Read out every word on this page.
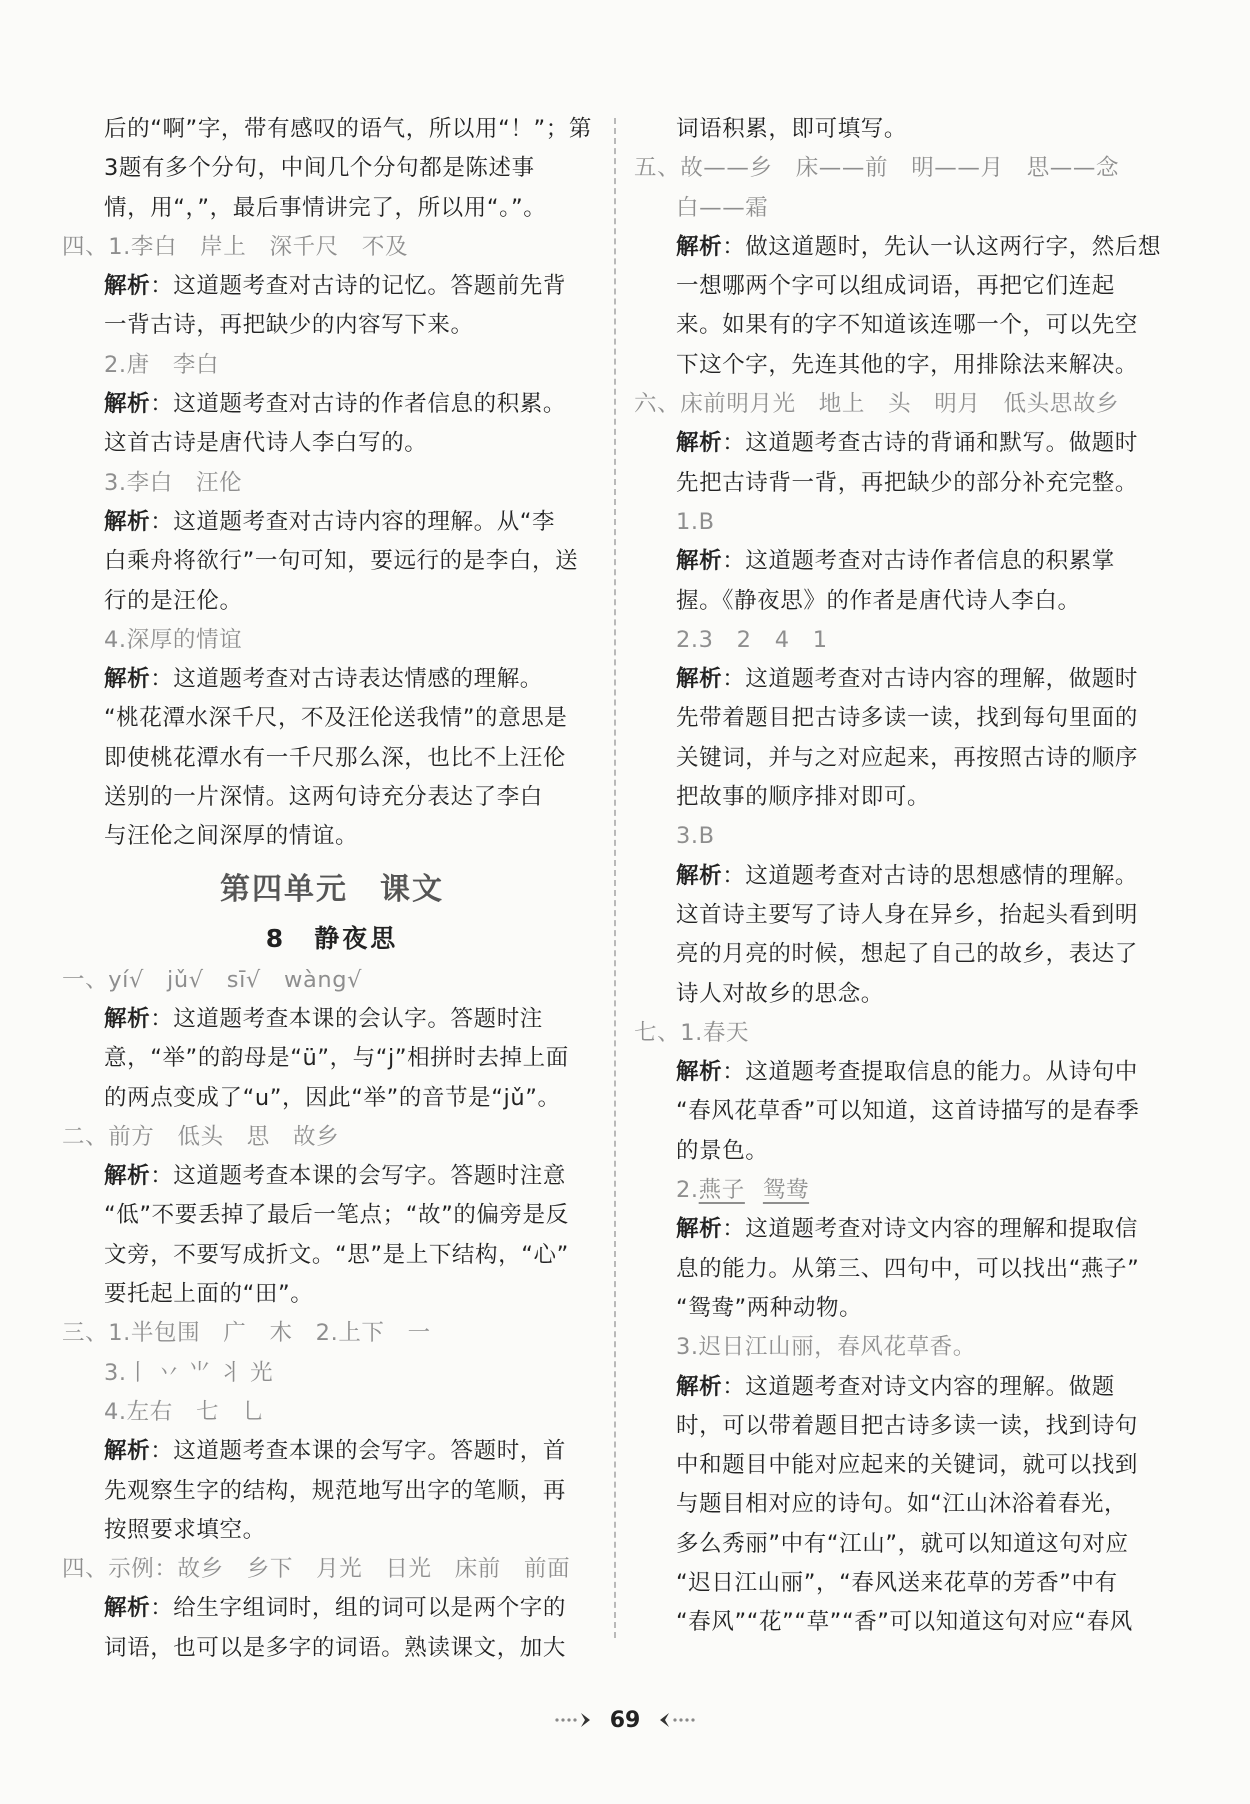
后的“啊”字，带有感叹的语气，所以用“！”；第
3题有多个分句，中间几个分句都是陈述事
情，用“，”，最后事情讲完了，所以用“。”。
四、1.李白　岸上　深千尺　不及
解析：这道题考查对古诗的记忆。答题前先背
一背古诗，再把缺少的内容写下来。
2.唐　李白
解析：这道题考查对古诗的作者信息的积累。
这首古诗是唐代诗人李白写的。
3.李白　汪伦
解析：这道题考查对古诗内容的理解。从“李
白乘舟将欲行”一句可知，要远行的是李白，送
行的是汪伦。
4.深厚的情谊
解析：这道题考查对古诗表达情感的理解。
“桃花潭水深千尺，不及汪伦送我情”的意思是
即使桃花潭水有一千尺那么深，也比不上汪伦
送别的一片深情。这两句诗充分表达了李白
与汪伦之间深厚的情谊。
第四单元　课文
8　静夜思
一、yí√　jǔ√　sī√　wàng√
解析：这道题考查本课的会认字。答题时注
意，“举”的韵母是“ü”，与“j”相拼时去掉上面
的两点变成了“u”，因此“举”的音节是“jǔ”。
二、前方　低头　思　故乡
解析：这道题考查本课的会写字。答题时注意
“低”不要丢掉了最后一笔点；“故”的偏旁是反
文旁，不要写成折文。“思”是上下结构，“心”
要托起上面的“田”。
三、1.半包围　广　木　2.上下　一
3.丨 丷 ⺌ 丬 光
4.左右　七　乚
解析：这道题考查本课的会写字。答题时，首
先观察生字的结构，规范地写出字的笔顺，再
按照要求填空。
四、示例：故乡　乡下　月光　日光　床前　前面
解析：给生字组词时，组的词可以是两个字的
词语，也可以是多字的词语。熟读课文，加大
词语积累，即可填写。
五、故——乡　床——前　明——月　思——念
白——霜
解析：做这道题时，先认一认这两行字，然后想
一想哪两个字可以组成词语，再把它们连起
来。如果有的字不知道该连哪一个，可以先空
下这个字，先连其他的字，用排除法来解决。
六、床前明月光　地上　头　明月　低头思故乡
解析：这道题考查古诗的背诵和默写。做题时
先把古诗背一背，再把缺少的部分补充完整。
1.B
解析：这道题考查对古诗作者信息的积累掌
握。《静夜思》的作者是唐代诗人李白。
2.3　2　4　1
解析：这道题考查对古诗内容的理解，做题时
先带着题目把古诗多读一读，找到每句里面的
关键词，并与之对应起来，再按照古诗的顺序
把故事的顺序排对即可。
3.B
解析：这道题考查对古诗的思想感情的理解。
这首诗主要写了诗人身在异乡，抬起头看到明
亮的月亮的时候，想起了自己的故乡，表达了
诗人对故乡的思念。
七、1.春天
解析：这道题考查提取信息的能力。从诗句中
“春风花草香”可以知道，这首诗描写的是春季
的景色。
2.燕子 鸳鸯
解析：这道题考查对诗文内容的理解和提取信
息的能力。从第三、四句中，可以找出“燕子”
“鸳鸯”两种动物。
3.迟日江山丽，春风花草香。
解析：这道题考查对诗文内容的理解。做题
时，可以带着题目把古诗多读一读，找到诗句
中和题目中能对应起来的关键词，就可以找到
与题目相对应的诗句。如“江山沐浴着春光，
多么秀丽”中有“江山”，就可以知道这句对应
“迟日江山丽”，“春风送来花草的芳香”中有
“春风”“花”“草”“香”可以知道这句对应“春风
69
